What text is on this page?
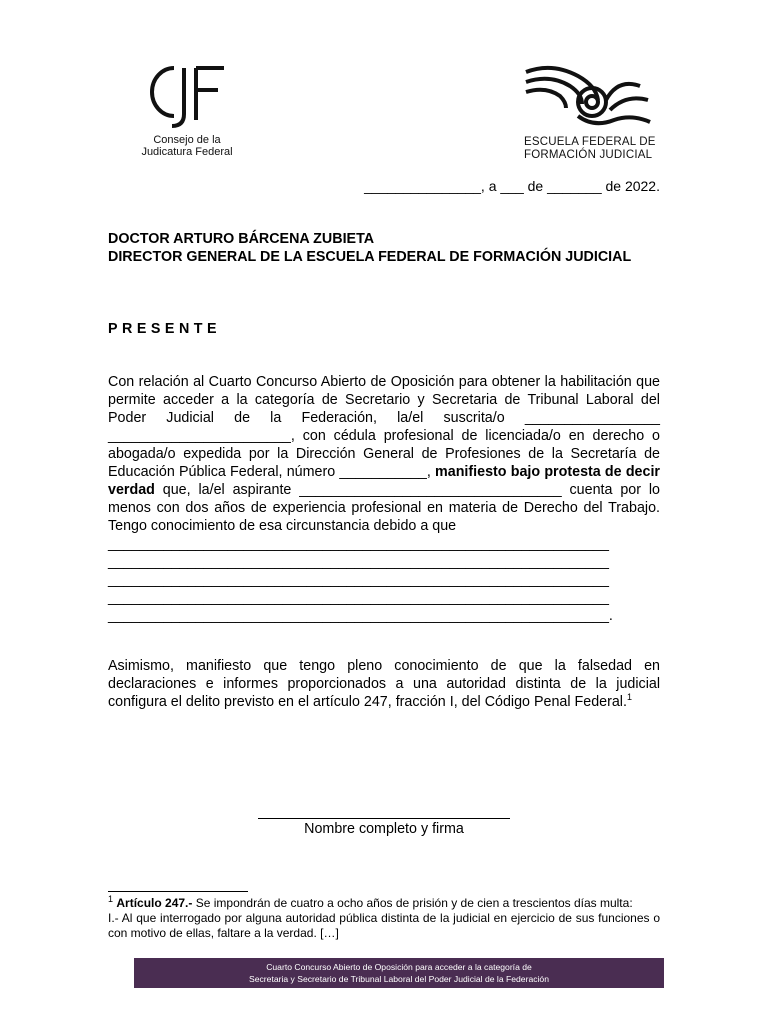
Consejo de la
Judicatura Federal
ESCUELA FEDERAL DE
FORMACIÓN JUDICIAL
_______________, a ___ de _______ de 2022.

DOCTOR ARTURO BÁRCENA ZUBIETA

DIRECTOR GENERAL DE LA ESCUELA FEDERAL DE FORMACIÓN JUDICIAL

PRESENTE

Con relación al Cuarto Concurso Abierto de Oposición para obtener la habilitación que permite acceder a la categoría de Secretario y Secretaria de Tribunal Laboral del Poder Judicial de la Federación, la/el suscrita/o _________________ _______________________, con cédula profesional de licenciada/o en derecho o abogada/o expedida por la Dirección General de Profesiones de la Secretaría de Educación Pública Federal, número ___________, manifiesto bajo protesta de decir verdad que, la/el aspirante _________________________________ cuenta por lo menos con dos años de experiencia profesional en materia de Derecho del Trabajo. Tengo conocimiento de esa circunstancia debido a que

_______________________________________________________________

_______________________________________________________________

_______________________________________________________________

_______________________________________________________________

_______________________________________________________________.

Asimismo, manifiesto que tengo pleno conocimiento de que la falsedad en declaraciones e informes proporcionados a una autoridad distinta de la judicial configura el delito previsto en el artículo 247, fracción I, del Código Penal Federal.$^1$

Nombre completo y firma

$^1$ Artículo 247.- Se impondrán de cuatro a ocho años de prisión y de cien a trescientos días multa:

I.- Al que interrogado por alguna autoridad pública distinta de la judicial en ejercicio de sus funciones o con motivo de ellas, faltare a la verdad. […]

Cuarto Concurso Abierto de Oposición para acceder a la categoría de
Secretaria y Secretario de Tribunal Laboral del Poder Judicial de la Federación
